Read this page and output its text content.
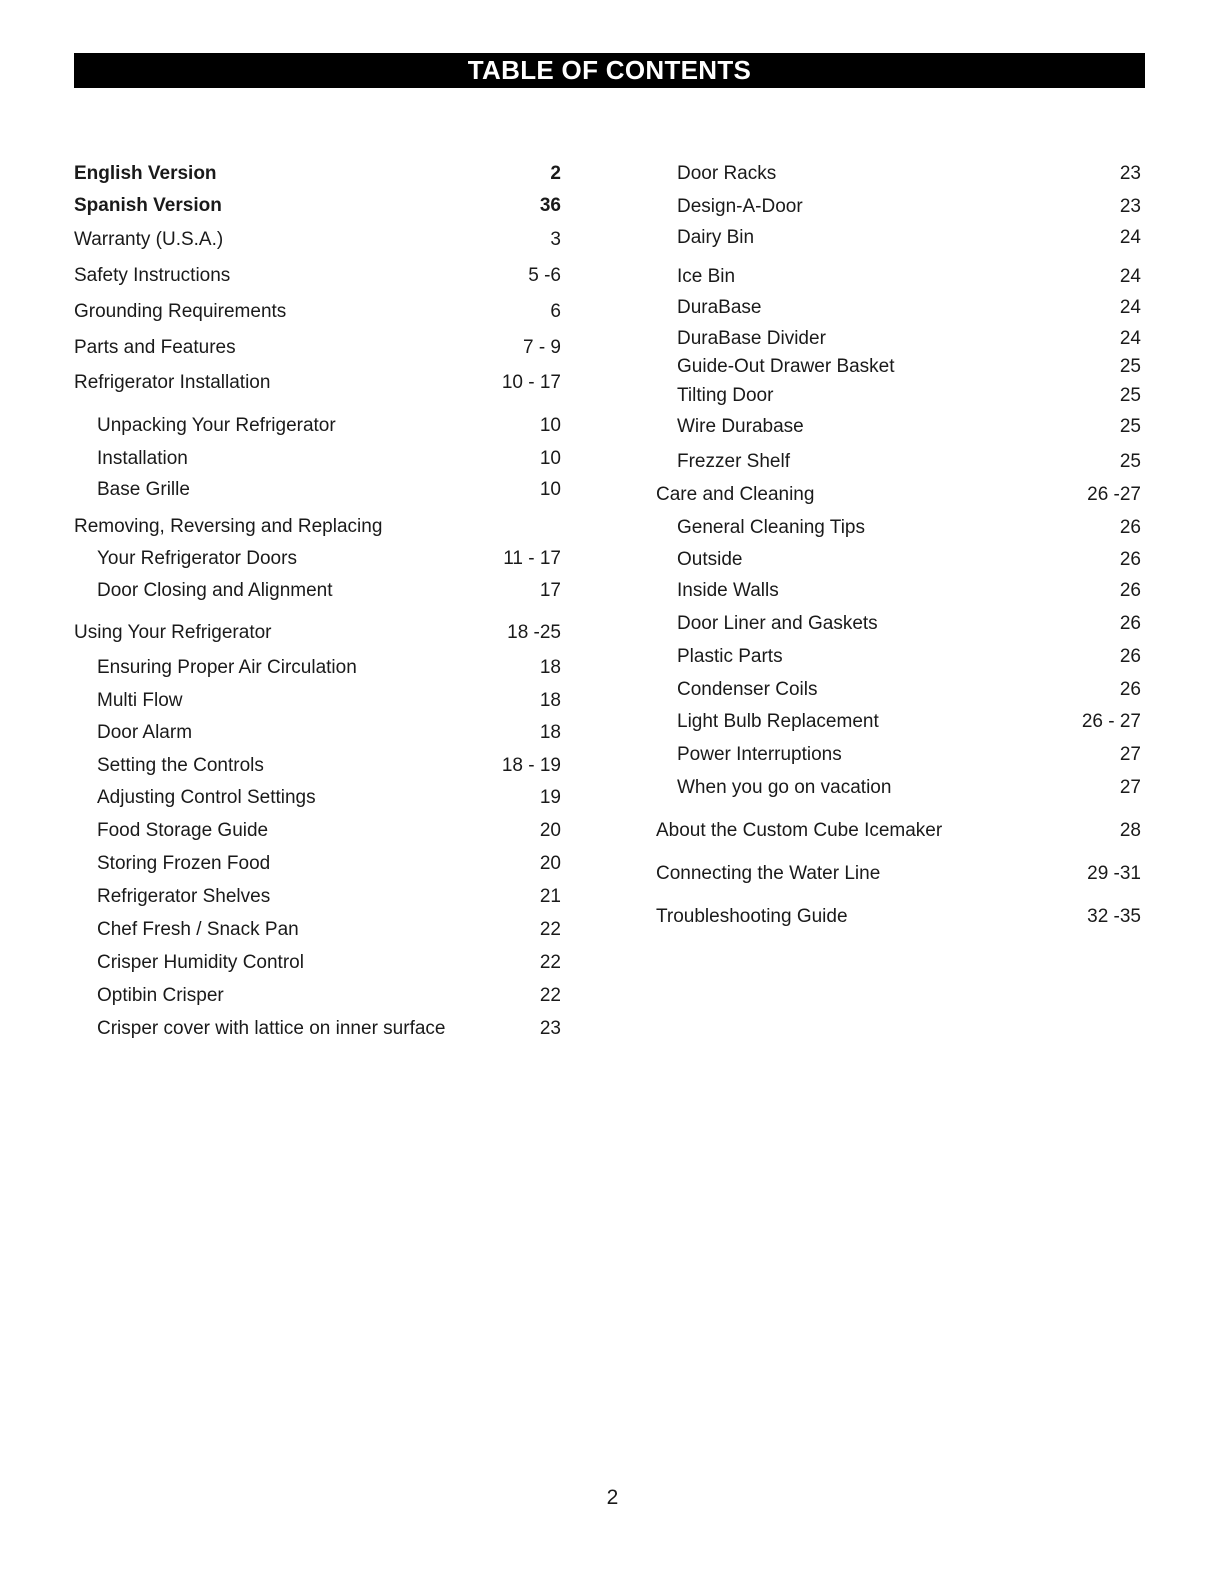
TABLE OF CONTENTS
English Version	2
Spanish Version	36
Warranty (U.S.A.)	3
Safety Instructions	5 -6
Grounding Requirements	6
Parts and Features	7 - 9
Refrigerator Installation	10 - 17
Unpacking Your Refrigerator	10
Installation	10
Base Grille	10
Removing, Reversing and Replacing
Your Refrigerator Doors	11 - 17
Door Closing and Alignment	17
Using Your Refrigerator	18 -25
Ensuring Proper Air Circulation	18
Multi Flow	18
Door Alarm	18
Setting the Controls	18 - 19
Adjusting Control Settings	19
Food Storage Guide	20
Storing Frozen Food	20
Refrigerator Shelves	21
Chef Fresh / Snack Pan	22
Crisper Humidity Control	22
Optibin Crisper	22
Crisper cover with lattice on inner surface	23
Door Racks	23
Design-A-Door	23
Dairy Bin	24
Ice Bin	24
DuraBase	24
DuraBase Divider	24
Guide-Out Drawer Basket	25
Tilting Door	25
Wire Durabase	25
Frezzer Shelf	25
Care and Cleaning	26 -27
General Cleaning Tips	26
Outside	26
Inside Walls	26
Door Liner and Gaskets	26
Plastic Parts	26
Condenser Coils	26
Light Bulb Replacement	26 - 27
Power Interruptions	27
When you go on vacation	27
About the Custom Cube Icemaker	28
Connecting the Water Line	29 -31
Troubleshooting Guide	32 -35
2
